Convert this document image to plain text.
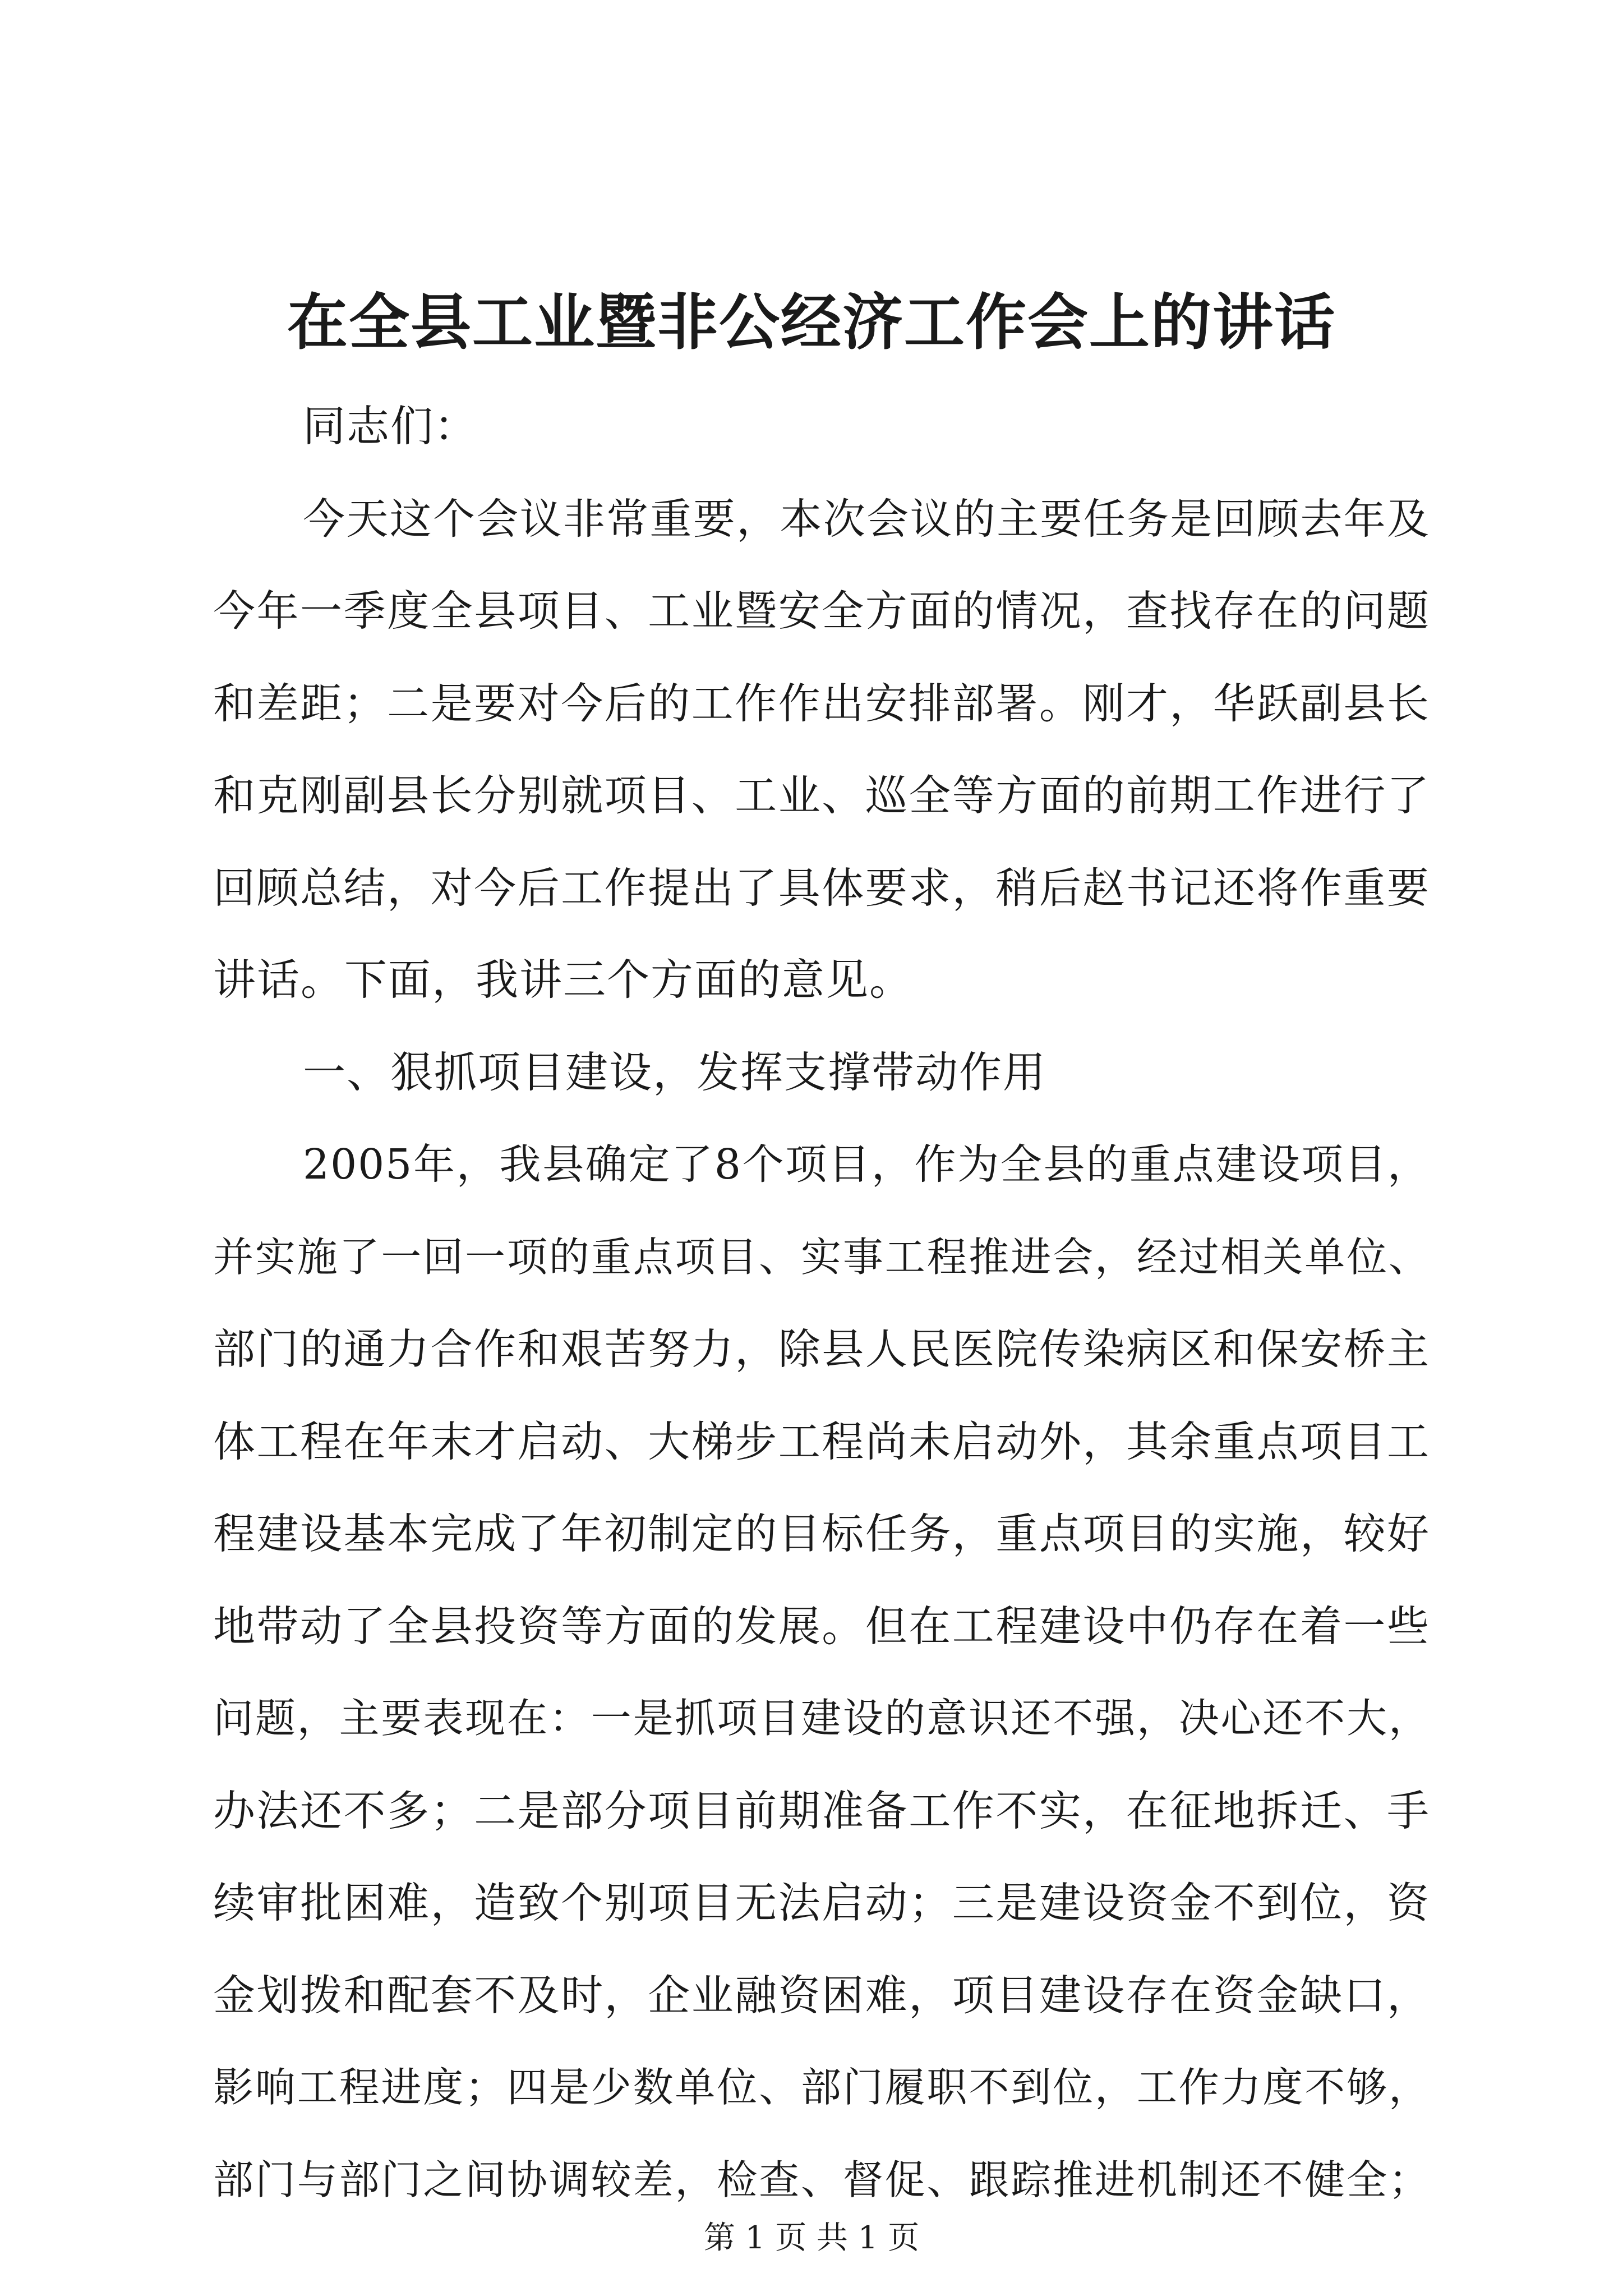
在全县工业暨非公经济工作会上的讲话
同志们：
今天这个会议非常重要，本次会议的主要任务是回顾去年及
今年一季度全县项目、工业暨安全方面的情况，查找存在的问题
和差距；二是要对今后的工作作出安排部署。刚才，华跃副县长
和克刚副县长分别就项目、工业、巡全等方面的前期工作进行了
回顾总结，对今后工作提出了具体要求，稍后赵书记还将作重要
讲话。下面，我讲三个方面的意见。
一、狠抓项目建设，发挥支撑带动作用
2005年，我县确定了8个项目，作为全县的重点建设项目，
并实施了一回一项的重点项目、实事工程推进会，经过相关单位、
部门的通力合作和艰苦努力，除县人民医院传染病区和保安桥主
体工程在年末才启动、大梯步工程尚未启动外，其余重点项目工
程建设基本完成了年初制定的目标任务，重点项目的实施，较好
地带动了全县投资等方面的发展。但在工程建设中仍存在着一些
问题，主要表现在：一是抓项目建设的意识还不强，决心还不大，
办法还不多；二是部分项目前期准备工作不实，在征地拆迁、手
续审批困难，造致个别项目无法启动；三是建设资金不到位，资
金划拨和配套不及时，企业融资困难，项目建设存在资金缺口，
影响工程进度；四是少数单位、部门履职不到位，工作力度不够，
部门与部门之间协调较差，检查、督促、跟踪推进机制还不健全；
第 1 页 共 1 页
